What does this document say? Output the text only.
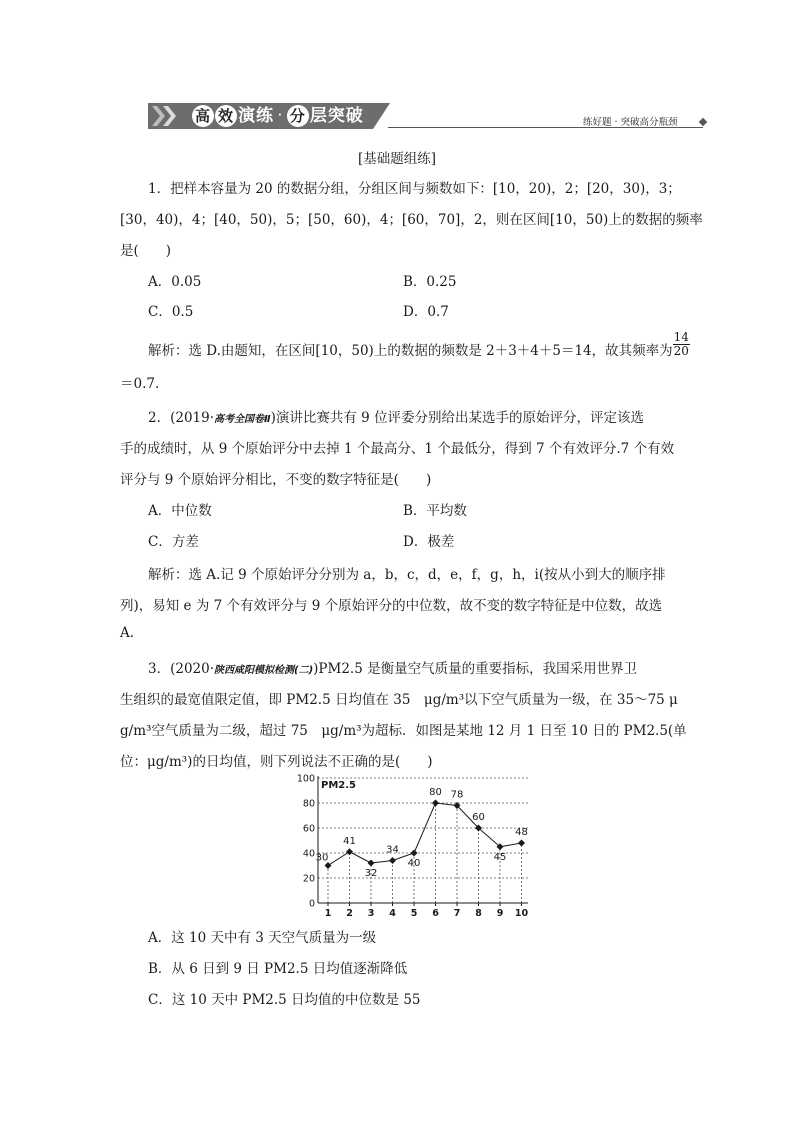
高 效 演练 · 分 层突破	练好题 · 突破高分瓶颈
[基础题组练]
1．把样本容量为 20 的数据分组，分组区间与频数如下：[10，20)，2；[20，30)，3；
[30，40)，4；[40，50)，5；[50，60)，4；[60，70]，2，则在区间[10，50)上的数据的频率
是(　　)
A．0.05	B．0.25
C．0.5	D．0.7
解析：选 D.由题知，在区间[10，50)上的数据的频数是 2＋3＋4＋5＝14，故其频率为 $\frac{14}{20}$
＝0.7.
2．(2019·高考全国卷Ⅱ)演讲比赛共有 9 位评委分别给出某选手的原始评分，评定该选
手的成绩时，从 9 个原始评分中去掉 1 个最高分、1 个最低分，得到 7 个有效评分.7 个有效
评分与 9 个原始评分相比，不变的数字特征是(　　)
A．中位数	B．平均数
C．方差	D．极差
解析：选 A.记 9 个原始评分分别为 a，b，c，d，e，f，g，h，i(按从小到大的顺序排
列)，易知 e 为 7 个有效评分与 9 个原始评分的中位数，故不变的数字特征是中位数，故选
A.
3．(2020·陕西咸阳模拟检测(二))PM2.5 是衡量空气质量的重要指标，我国采用世界卫
生组织的最宽值限定值，即 PM2.5 日均值在 35　μg/m³以下空气质量为一级，在 35～75 μ
g/m³空气质量为二级，超过 75　μg/m³为超标．如图是某地 12 月 1 日至 10 日的 PM2.5(单
位：μg/m³)的日均值，则下列说法不正确的是(　　)
0
20
40
60
80
100
1 2 3 4 5 6 7 8 9 10
30
41
32
34
40
80 78
60
45
48
PM2.5
A．这 10 天中有 3 天空气质量为一级
B．从 6 日到 9 日 PM2.5 日均值逐渐降低
C．这 10 天中 PM2.5 日均值的中位数是 55
